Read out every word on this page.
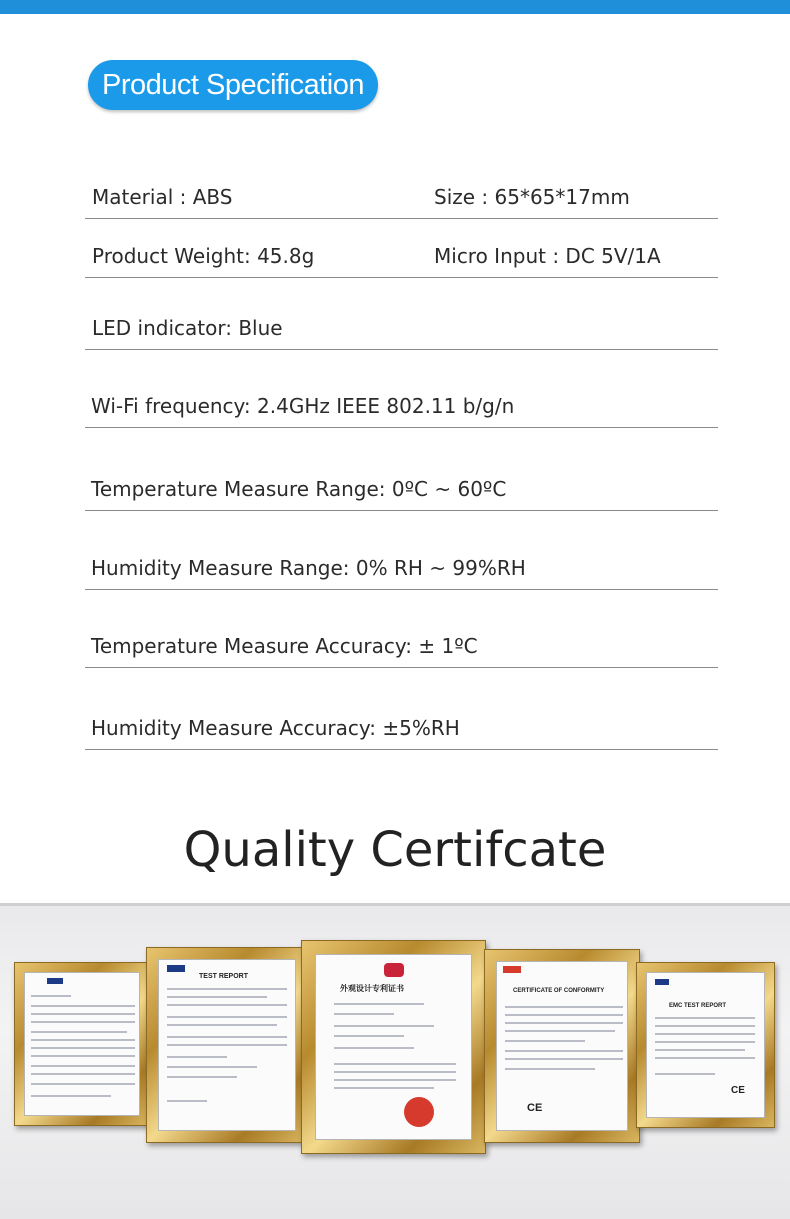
Product Specification
Material : ABS	Size : 65*65*17mm
Product Weight: 45.8g	Micro Input : DC 5V/1A
LED indicator: Blue
Wi-Fi frequency: 2.4GHz IEEE 802.11 b/g/n
Temperature Measure Range: 0ºC ~ 60ºC
Humidity Measure Range: 0% RH ~ 99%RH
Temperature Measure Accuracy: ± 1ºC
Humidity Measure Accuracy: ±5%RH
Quality Certifcate
TEST REPORT
外观设计专利证书	CERTIFICATE OF CONFORMITY
CE
EMC TEST REPORT
CE
